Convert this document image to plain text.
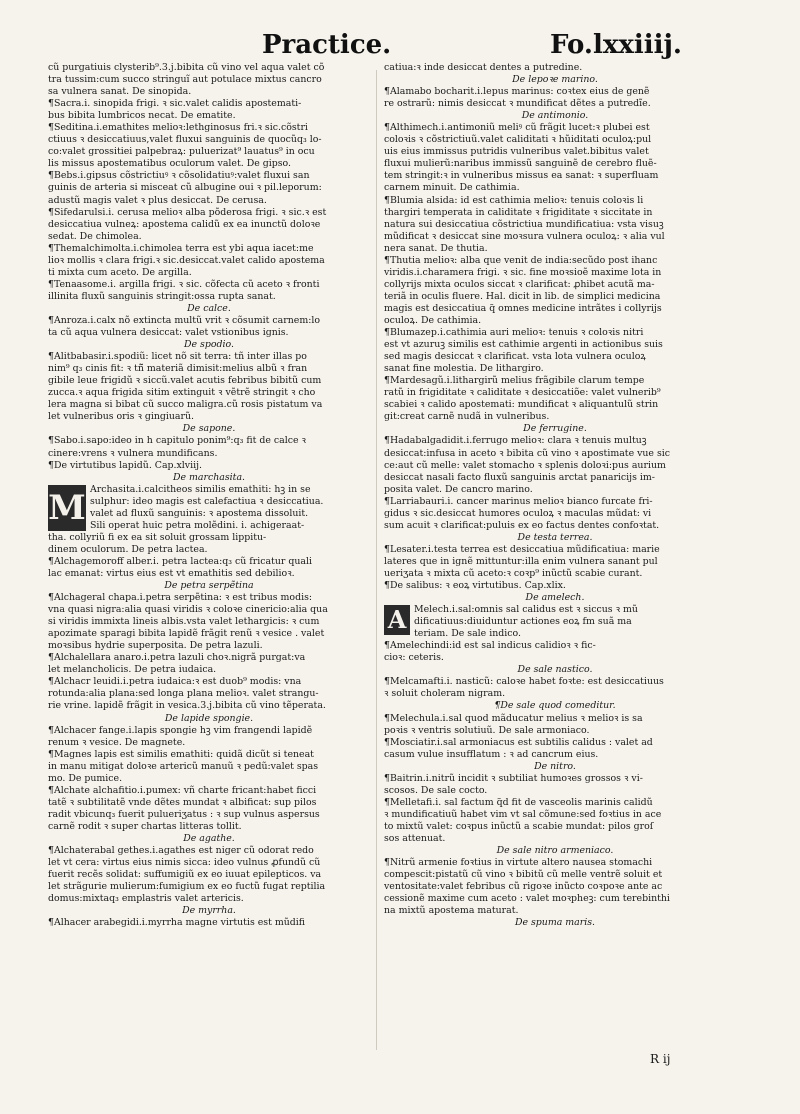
Practice.	Fo.lxxiiij.
cũ purgatiuis clysterib⁹.3.j.bibita cũ vino vel aqua valet cõ
tra tussim:cum succo stringuĩ aut potulace mixtus cancro
sa vulnera sanat. De sinopida.
¶Sacra.i. sinopida frigi. ꝛ sic.valet calidis apostemati-
bus bibita lumbricos necat. De ematite.
¶Seditina.i.emathites melioꝛ:lethginosus fri.ꝛ sic.cõstri
ctiuus ꝛ desiccatiuus,valet fluxui sanguinis de quocũq₃ lo-
co:valet grossitiei palpebraꝝ: puluerizat⁹ lauatus⁹ in ocu
lis missus apostematibus oculorum valet. De gipso.
¶Bebs.i.gipsus cõstrictiuꝰ ꝛ cõsolidatiuꝰ:valet fluxui san
guinis de arteria si misceat cũ albugine oui ꝛ pil.leporum:
adustũ magis valet ꝛ plus desiccat. De cerusa.
¶Sifedarulsi.i. cerusa melioꝛ alba põderosa frigi. ꝛ sic.ꝛ est
desiccatiua vulneꝝ: apostema calidũ ex ea inunctũ doloꝛe
sedat. De chimolea.
¶Themalchimolta.i.chimolea terra est ybi aqua iacet:me
lioꝛ mollis ꝛ clara frigi.ꝛ sic.desiccat.valet calido apostema
ti mixta cum aceto. De argilla.
¶Tenaasome.i. argilla frigi. ꝛ sic. cõfecta cũ aceto ꝛ fronti
illinita fluxũ sanguinis stringit:ossa rupta sanat.
De calce.
¶Anroza.i.calx nõ extincta multũ vrit ꝛ cõsumit carnem:lo
ta cũ aqua vulnera desiccat: valet vstionibus ignis.
De spodio.
¶Alitbabasir.i.spodiũ: licet nõ sit terra: tñ inter illas po
nim⁹ q₃ cinis fit: ꝛ tñ̃ materiã dimisit:melius albũ ꝛ fran
gibile leue frigidũ ꝛ siccũ.valet acutis febribus bibitũ cum
zucca.ꝛ aqua frigida sitim extinguit ꝛ vẽtrẽ stringit ꝛ cho
lera magna si bibat cũ succo maligra.cũ rosis pistatum va
let vulneribus oris ꝛ gingiuarũ.
De sapone.
¶Sabo.i.sapo:ideo in h capitulo ponim⁹:q₃ fit de calce ꝛ
cinere:vrens ꝛ vulnera mundificans.
¶De virtutibus lapidũ. Cap.xlviij.
De marchasita.
M Archasita.i.calcitheos similis emathiti: hꝫ in se
sulphur: ideo magis est calefactiua ꝛ desiccatiua.
valet ad fluxũ sanguinis: ꝛ apostema dissoluit.
Sili operat huic petra molẽdini. i. achigeraat-
tha. collyriũ fi ex ea sit soluit grossam lippitu-
dinem oculorum. De petra lactea.
¶Alchagemoroff alber.i. petra lactea:q₃ cũ fricatur quali
lac emanat: virtus eius est vt emathitis sed debilioꝛ.
De petra serpẽtina
¶Alchageral chapa.i.petra serpẽtina: ꝛ est tribus modis:
vna quasi nigra:alia quasi viridis ꝛ coloꝛe cinericio:alia qua
si viridis immixta lineis albis.vsta valet lethargicis: ꝛ cum
apozimate sparagi bibita lapidẽ frãgit renũ ꝛ vesice . valet
moꝛsibus hydrie superposita. De petra lazuli.
¶Alchalellara anaro.i.petra lazuli choꝛ.nigrã purgat:va
let melancholicis. De petra iudaica.
¶Alchacr leuidi.i.petra iudaica:ꝛ est duob⁹ modis: vna
rotunda:alia plana:sed longa plana melioꝛ. valet strangu-
rie vrine. lapidẽ frãgit in vesica.3.j.bibita cũ vino tẽperata.
De lapide spongie.
¶Alchacer fange.i.lapis spongie hꝫ vim frangendi lapidẽ
renum ꝛ vesice. De magnete.
¶Magnes lapis est similis emathiti: quidã dicũt si teneat
in manu mitigat doloꝛe artericũ manuũ ꝛ pedũ:valet spas
mo. De pumice.
¶Alchate alchafitio.i.pumex: vñ charte fricant:habet ficci
tatẽ ꝛ subtilitatẽ vnde dẽtes mundat ꝛ albificat: sup pilos
radit vbicunq₃ fuerit pulueriʒatus : ꝛ sup vulnus aspersus
carnẽ rodit ꝛ super chartas litteras tollit.
De agathe.
¶Alchaterabal gethes.i.agathes est niger cũ odorat redo
let vt cera: virtus eius nimis sicca: ideo vulnus ꝓfundũ cũ
fuerit recẽs solidat: suffumigiũ ex eo iuuat epilepticos. va
let strãgurie mulierum:fumigium ex eo fuctũ fugat reptilia
domus:mixtaq₃ emplastris valet artericis.
De myrrha.
¶Alhacer arabegidi.i.myrrha magne virtutis est mũdifi
catiua:ꝛ inde desiccat dentes a putredine.
De lepoꝛe marino.
¶Alamabo bocharit.i.lepus marinus: coꝛtex eius de genẽ
re ostrarũ: nimis desiccat ꝛ mundificat dẽtes a putredĩe.
De antimonio.
¶Althimech.i.antimoniũ meliꝰ cũ frãgit lucet:ꝛ plubei est
coloꝛis ꝛ cõstrictiuũ.valet caliditati ꝛ hũiditati oculoꝝ:pul
uis eius immissus putridis vulneribus valet.bibitus valet
fluxui mulierũ:naribus immissũ sanguinẽ de cerebro fluẽ-
tem stringit:ꝛ in vulneribus missus ea sanat: ꝛ superfluam
carnem minuit. De cathimia.
¶Blumia alsida: id est cathimia melioꝛ: tenuis coloꝛis li
thargiri temperata in caliditate ꝛ frigiditate ꝛ siccitate in
natura sui desiccatiua cõstrictiua mundificatiua: vsta visuꝫ
mũdificat ꝛ desiccat sine moꝛsura vulnera oculoꝝ: ꝛ alia vul
nera sanat. De thutia.
¶Thutia melioꝛ: alba que venit de india:secũdo post ihanc
viridis.i.charamera frigi. ꝛ sic. fine moꝛsioẽ maxime lota in
collyrijs mixta oculos siccat ꝛ clarificat: ꝓhibet acutã ma-
teriã in oculis fluere. Hal. dicit in lib. de simplici medicina
magis est desiccatiua q̃ omnes medicine intrãtes i collyrijs
oculoꝝ. De cathimia.
¶Blumazep.i.cathimia auri melioꝛ: tenuis ꝛ coloꝛis nitri
est vt azuruꝫ similis est cathimie argenti in actionibus suis
sed magis desiccat ꝛ clarificat. vsta lota vulnera oculoꝝ
sanat fine molestia. De lithargiro.
¶Mardesagũ.i.lithargirũ melius frãgibile clarum tempe
ratũ in frigiditate ꝛ caliditate ꝛ desiccatiõe: valet vulnerib⁹
scabiei ꝛ calido apostemati: mundificat ꝛ aliquantulũ strin
git:creat carnẽ nudã in vulneribus.
De ferrugine.
¶Hadabalgadidit.i.ferrugo melioꝛ: clara ꝛ tenuis multuꝫ
desiccat:infusa in aceto ꝛ bibita cũ vino ꝛ apostimate vue sic
ce:aut cũ melle: valet stomacho ꝛ splenis doloꝛi:pus aurium
desiccat nasali facto fluxũ sanguinis arctat panaricijs im-
posita valet. De cancro marino.
¶Larriabauri.i. cancer marinus melioꝛ bianco furcate fri-
gidus ꝛ sic.desiccat humores oculoꝝ ꝛ maculas mũdat: vi
sum acuit ꝛ clarificat:puluis ex eo factus dentes confoꝛtat.
De testa terrea.
¶Lesater.i.testa terrea est desiccatiua mũdificatiua: marie
lateres que in ignẽ mittuntur:illa enim vulnera sanant pul
ueriʒata ꝛ mixta cũ aceto:ꝛ coꝛp⁹ inũctũ scabie curant.
¶De salibus: ꝛ eoꝝ virtutibus. Cap.xlix.
De amelech.
A Melech.i.sal:omnis sal calidus est ꝛ siccus ꝛ mũ
dificatiuus:diuiduntur actiones eoꝝ fm suã ma
teriam. De sale indico.
¶Amelechindi:id est sal indicus calidioꝛ ꝛ fic-
cioꝛ: ceteris.
De sale nastico.
¶Melcamafti.i. nasticũ: caloꝛe habet foꝛte: est desiccatiuus
ꝛ soluit choleram nigram.
¶De sale quod comeditur.
¶Melechula.i.sal quod mãducatur melius ꝛ melioꝛ is sa
poꝛis ꝛ ventris solutiuũ. De sale armoniaco.
¶Mosciatir.i.sal armoniacus est subtilis calidus : valet ad
casum vulue insufflatum : ꝛ ad cancrum eius.
De nitro.
¶Baitrin.i.nitrũ incidit ꝛ subtiliat humoꝛes grossos ꝛ vi-
scosos. De sale cocto.
¶Melletafi.i. sal factum q̃d fit de vasceolis marinis calidũ
ꝛ mundificatiuũ habet vim vt sal cõmune:sed foꝛtius in ace
to mixtũ valet: coꝛpus inũctũ a scabie mundat: pilos groſ
sos attenuat.
De sale nitro armeniaco.
¶Nitrũ armenie foꝛtius in virtute altero nausea stomachi
compescit:pistatũ cũ vino ꝛ bibitũ cũ melle ventrẽ soluit et
ventositate:valet febribus cũ rigoꝛe inũcto coꝛpoꝛe ante ac
cessionẽ maxime cum aceto : valet moꝛpheꝫ: cum terebinthi
na mixtũ apostema maturat.
De spuma maris.
R ij
